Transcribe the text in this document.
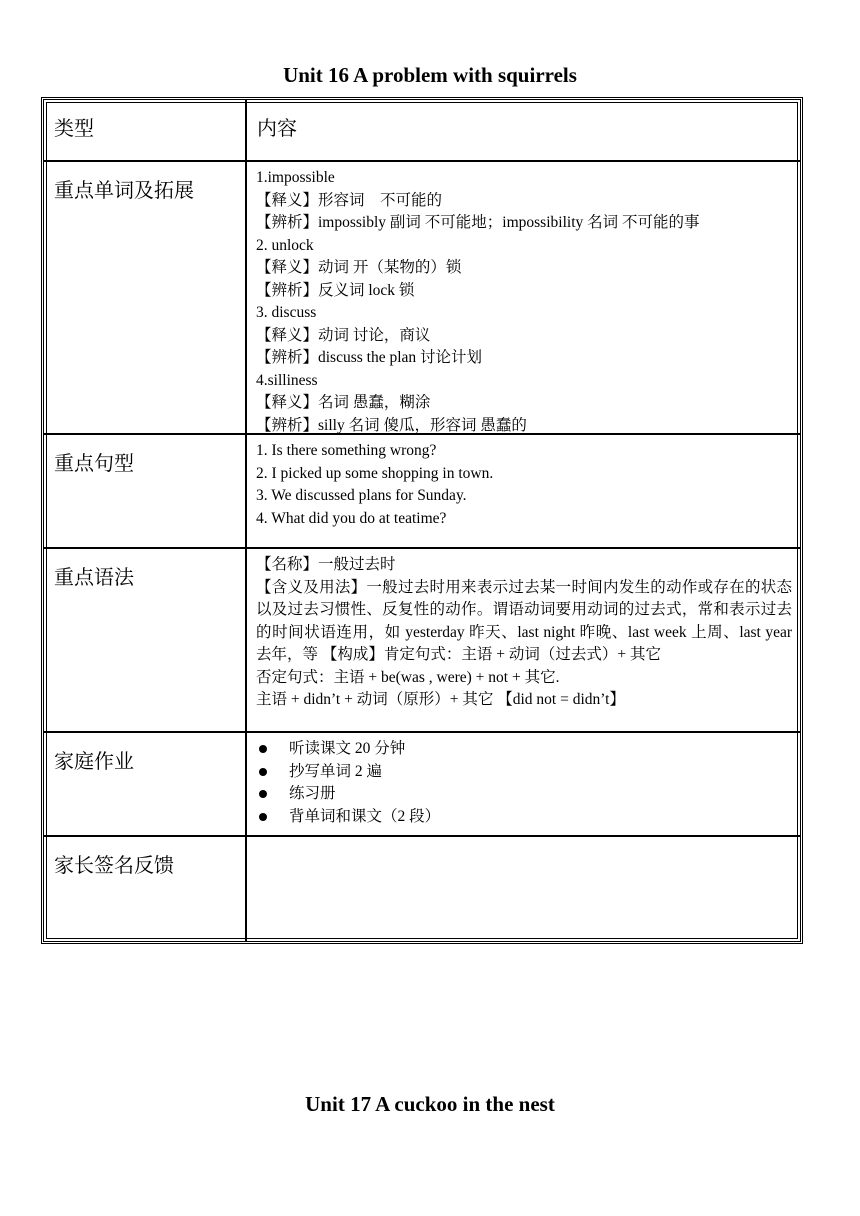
Unit 16 A problem with squirrels
类型	内容
重点单词及拓展
1.impossible
【释义】形容词　不可能的
【辨析】impossibly 副词 不可能地；impossibility 名词 不可能的事
2. unlock
【释义】动词 开（某物的）锁
【辨析】反义词 lock 锁
3. discuss
【释义】动词 讨论，商议
【辨析】discuss the plan 讨论计划
4.silliness
【释义】名词 愚蠢，糊涂
【辨析】silly 名词 傻瓜，形容词 愚蠢的
重点句型
1. Is there something wrong?
2. I picked up some shopping in town.
3. We discussed plans for Sunday.
4. What did you do at teatime?
重点语法
【名称】一般过去时
【含义及用法】一般过去时用来表示过去某一时间内发生的动作或存在的状态以及过去习惯性、反复性的动作。谓语动词要用动词的过去式，常和表示过去的时间状语连用，如 yesterday 昨天、last night 昨晚、last week 上周、last year 去年，等 【构成】肯定句式：主语 + 动词（过去式）+ 其它
否定句式：主语 + be(was , were) + not + 其它.
主语 + didn’t + 动词（原形）+ 其它 【did not = didn’t】
家庭作业
听读课文 20 分钟
抄写单词 2 遍
练习册
背单词和课文（2 段）
家长签名反馈
Unit 17 A cuckoo in the nest
